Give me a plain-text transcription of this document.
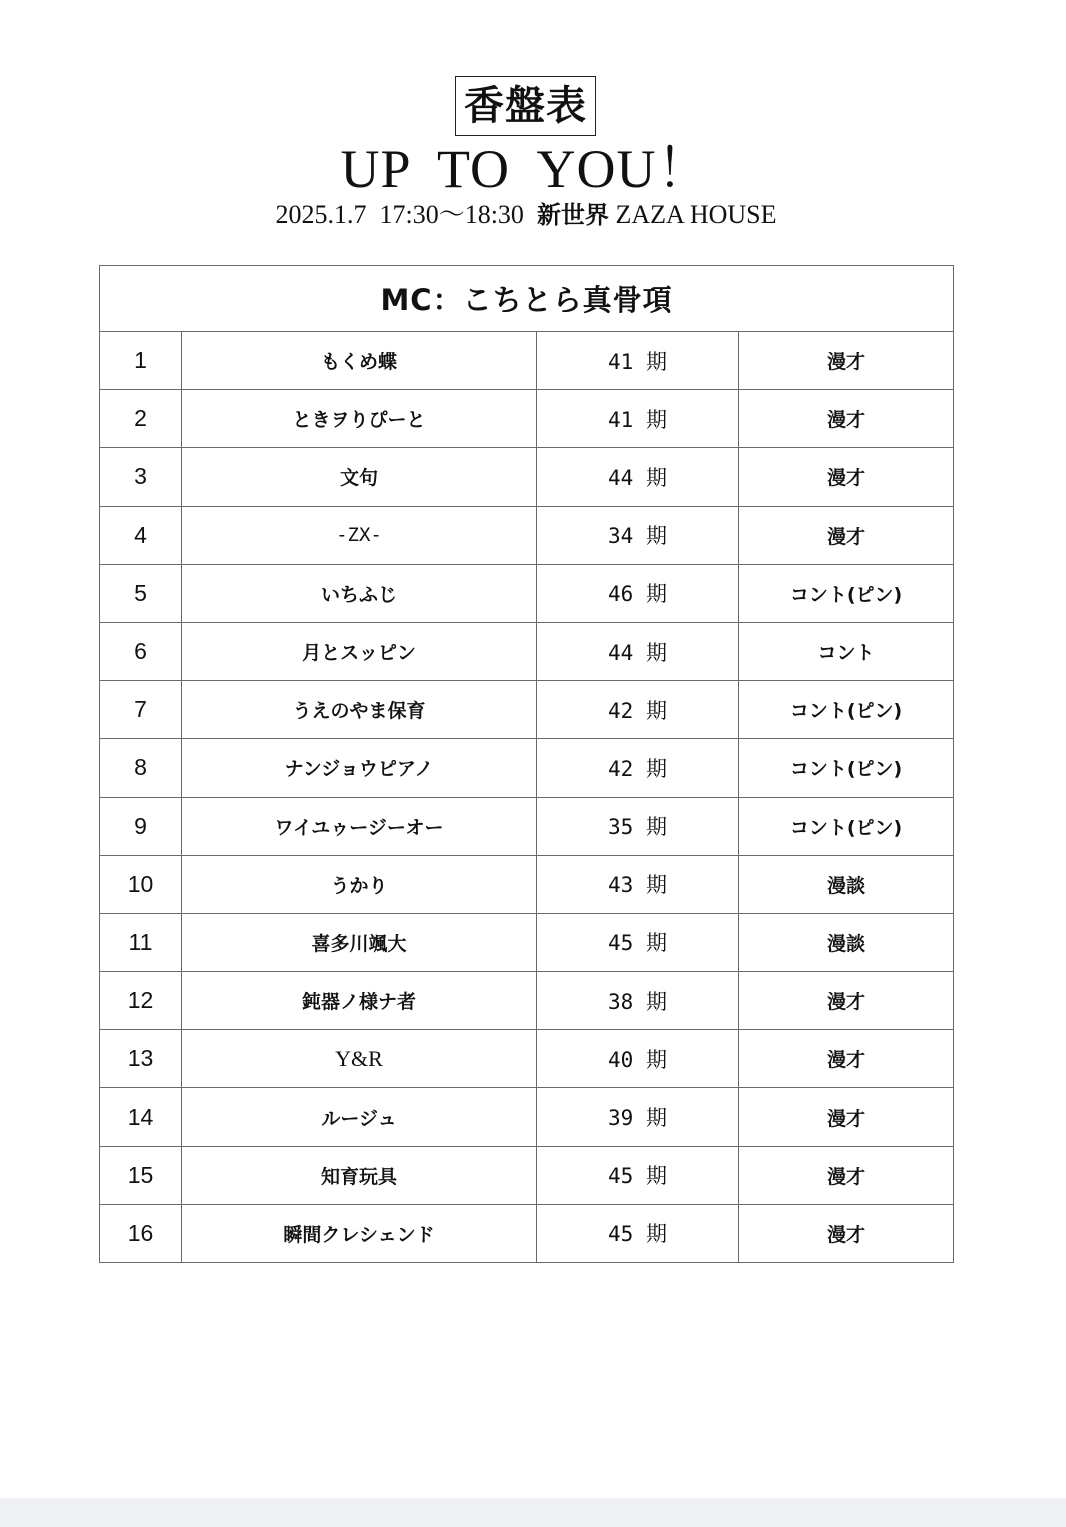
香盤表
UP TO YOU！
2025.1.7  17:30〜18:30  新世界 ZAZA HOUSE
MC：こちとら真骨項			
1	もくめ蝶	41 期	漫才
2	ときヲりぴーと	41 期	漫才
3	文句	44 期	漫才
4	-ZX-	34 期	漫才
5	いちふじ	46 期	コント(ピン)
6	月とスッピン	44 期	コント
7	うえのやま保育	42 期	コント(ピン)
8	ナンジョウピアノ	42 期	コント(ピン)
9	ワイユゥージーオー	35 期	コント(ピン)
10	うかり	43 期	漫談
11	喜多川颯大	45 期	漫談
12	鈍器ノ様ナ者	38 期	漫才
13	Y&R	40 期	漫才
14	ルージュ	39 期	漫才
15	知育玩具	45 期	漫才
16	瞬間クレシェンド	45 期	漫才
